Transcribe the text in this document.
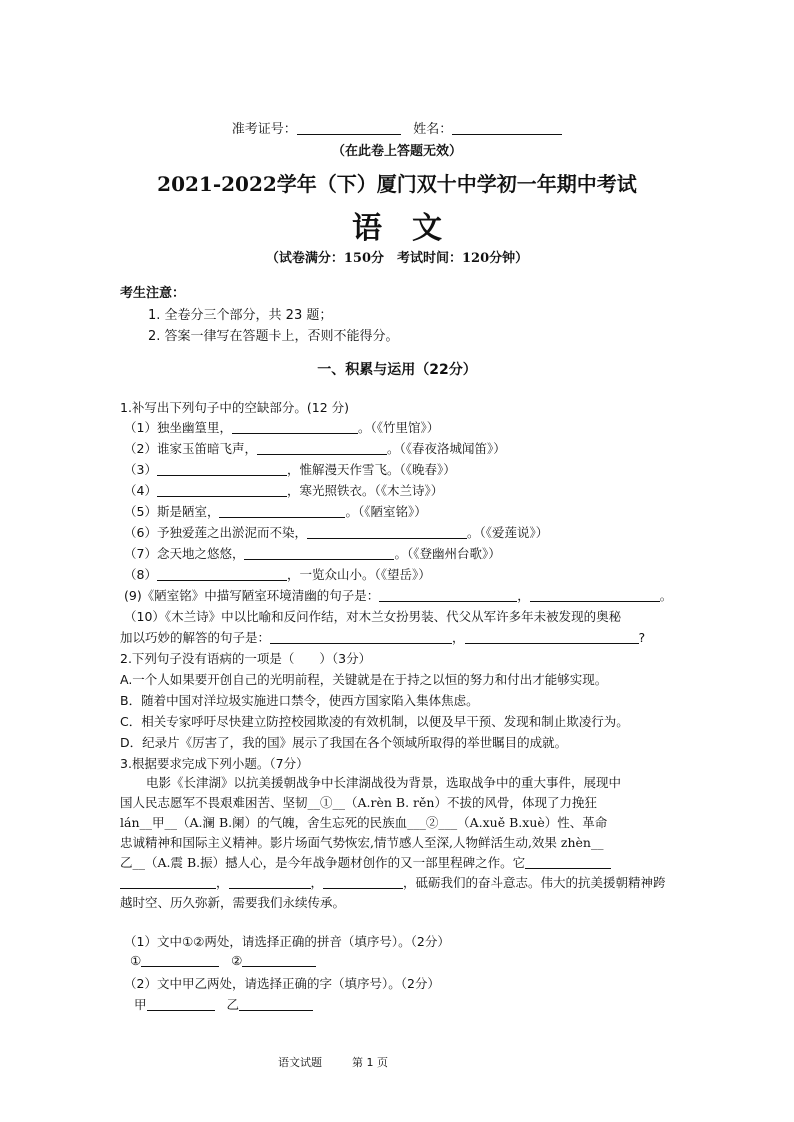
准考证号：	姓名：
（在此卷上答题无效）
2021-2022学年（下）厦门双十中学初一年期中考试
语文
（试卷满分：150分　考试时间：120分钟）
考生注意：
1. 全卷分三个部分，共 23 题；
2. 答案一律写在答题卡上，否则不能得分。
一、积累与运用（22分）
1.补写出下列句子中的空缺部分。(12 分)
（1）独坐幽篁里，	。（《竹里馆》）
（2）谁家玉笛暗飞声，	。（《春夜洛城闻笛》）
（3）	，惟解漫天作雪飞。（《晚春》）
（4）	，寒光照铁衣。（《木兰诗》）
（5）斯是陋室，	。（《陋室铭》）
（6）予独爱莲之出淤泥而不染，	。（《爱莲说》）
（7）念天地之悠悠，	。（《登幽州台歌》）
（8）	，一览众山小。（《望岳》）
(9)《陋室铭》中描写陋室环境清幽的句子是：	，	。
（10）《木兰诗》中以比喻和反问作结，对木兰女扮男装、代父从军许多年未被发现的奥秘
加以巧妙的解答的句子是：	，	?
2.下列句子没有语病的一项是（　　）（3分）
A.一个人如果要开创自己的光明前程，关键就是在于持之以恒的努力和付出才能够实现。
B．随着中国对洋垃圾实施进口禁令，使西方国家陷入集体焦虑。
C．相关专家呼吁尽快建立防控校园欺凌的有效机制，以便及早干预、发现和制止欺凌行为。
D．纪录片《厉害了，我的国》展示了我国在各个领域所取得的举世瞩目的成就。
3.根据要求完成下列小题。（7分）
电影《长津湖》以抗美援朝战争中长津湖战役为背景，选取战争中的重大事件，展现中
国人民志愿军不畏艰难困苦、坚韧__①__（A.rèn B. rěn）不拔的风骨，体现了力挽狂
lán__甲__（A.澜 B.阑）的气魄，舍生忘死的民族血___②___（A.xuě B.xuè）性、革命
忠诚精神和国际主义精神。影片场面气势恢宏,情节感人至深,人物鲜活生动,效果 zhèn__
乙__（A.震 B.振）撼人心，是今年战争题材创作的又一部里程碑之作。它
，	，	，砥砺我们的奋斗意志。伟大的抗美援朝精神跨
越时空、历久弥新，需要我们永续传承。
（1）文中①②两处，请选择正确的拼音（填序号）。（2分）
①	②
（2）文中甲乙两处，请选择正确的字（填序号）。（2分）
甲	乙
语文试题	第 1 页
